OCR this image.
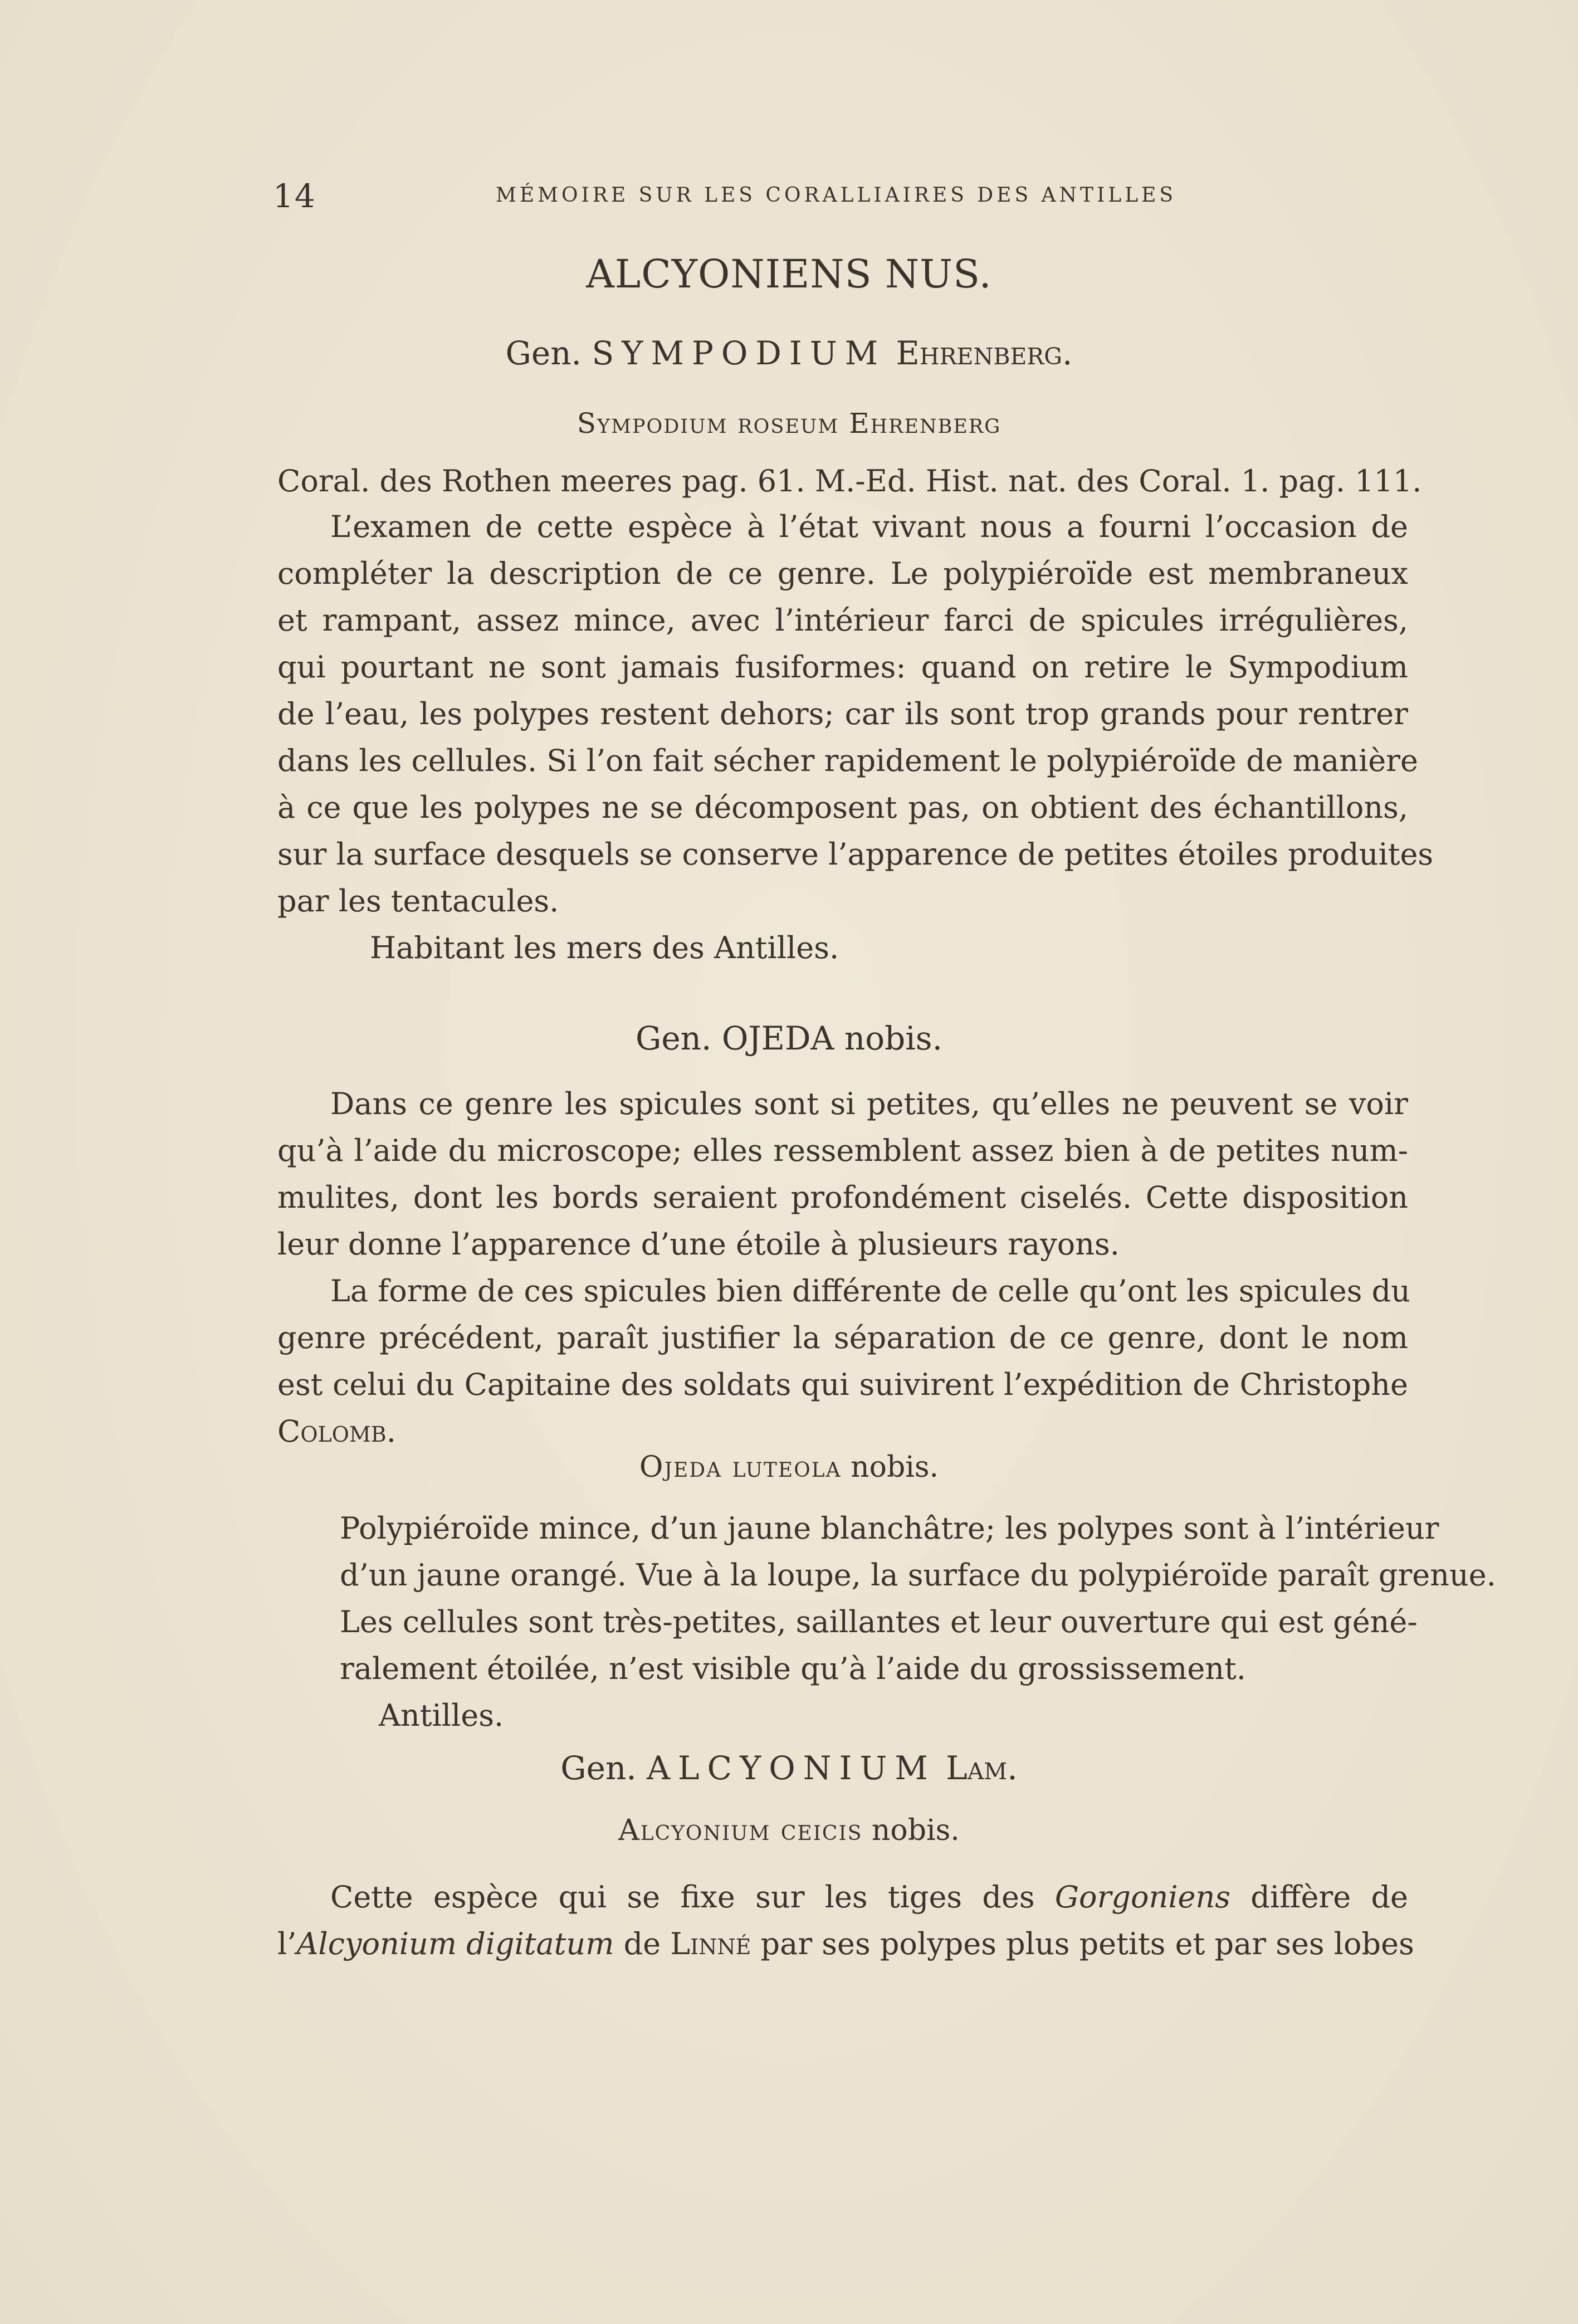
14	MÉMOIRE SUR LES CORALLIAIRES DES ANTILLES
ALCYONIENS NUS.
Gen. SYMPODIUM Ehrenberg.
Sympodium roseum Ehrenberg
Coral. des Rothen meeres pag. 61. M.-Ed. Hist. nat. des Coral. 1. pag. 111.
L’examen de cette espèce à l’état vivant nous a fourni l’occasion de
compléter la description de ce genre. Le polypiéroïde est membraneux
et rampant, assez mince, avec l’intérieur farci de spicules irrégulières,
qui pourtant ne sont jamais fusiformes: quand on retire le Sympodium
de l’eau, les polypes restent dehors; car ils sont trop grands pour rentrer
dans les cellules. Si l’on fait sécher rapidement le polypiéroïde de manière
à ce que les polypes ne se décomposent pas, on obtient des échantillons,
sur la surface desquels se conserve l’apparence de petites étoiles produites
par les tentacules.
Habitant les mers des Antilles.
Gen. OJEDA nobis.
Dans ce genre les spicules sont si petites, qu’elles ne peuvent se voir
qu’à l’aide du microscope; elles ressemblent assez bien à de petites num-
mulites, dont les bords seraient profondément ciselés. Cette disposition
leur donne l’apparence d’une étoile à plusieurs rayons.
La forme de ces spicules bien différente de celle qu’ont les spicules du
genre précédent, paraît justifier la séparation de ce genre, dont le nom
est celui du Capitaine des soldats qui suivirent l’expédition de Christophe
Colomb.
Ojeda luteola nobis.
Polypiéroïde mince, d’un jaune blanchâtre; les polypes sont à l’intérieur
d’un jaune orangé. Vue à la loupe, la surface du polypiéroïde paraît grenue.
Les cellules sont très-petites, saillantes et leur ouverture qui est géné-
ralement étoilée, n’est visible qu’à l’aide du grossissement.
Antilles.
Gen. ALCYONIUM Lam.
Alcyonium ceicis nobis.
Cette espèce qui se fixe sur les tiges des Gorgoniens diffère de
l’Alcyonium digitatum de Linné par ses polypes plus petits et par ses lobes
